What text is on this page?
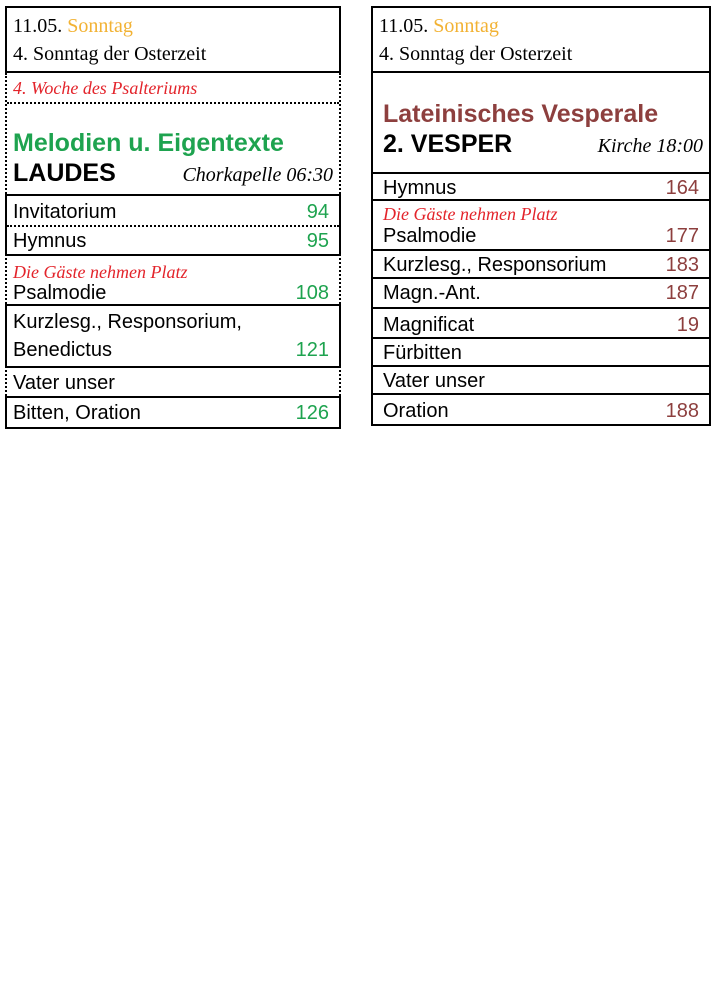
11.05. Sonntag
4. Sonntag der Osterzeit
4. Woche des Psalteriums
Melodien u. Eigentexte
LAUDES	Chorkapelle 06:30
Invitatorium	94
Hymnus	95
Die Gäste nehmen Platz
Psalmodie	108
Kurzlesg., Responsorium,
Benedictus	121
Vater unser
Bitten, Oration	126
11.05. Sonntag
4. Sonntag der Osterzeit
Lateinisches Vesperale
2. VESPER	Kirche 18:00
Hymnus	164
Die Gäste nehmen Platz
Psalmodie	177
Kurzlesg., Responsorium	183
Magn.-Ant.	187
Magnificat	19
Fürbitten
Vater unser
Oration	188
